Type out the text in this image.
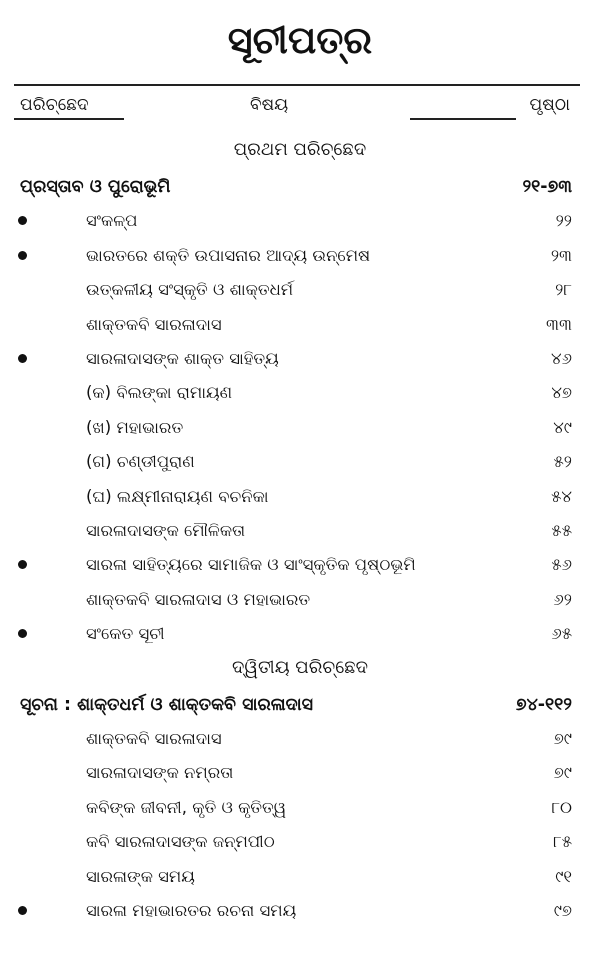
ସୂଚୀପତ୍ର
ପରିଚ୍ଛେଦ	ବିଷୟ	ପୃଷ୍ଠା
ପ୍ରଥମ ପରିଚ୍ଛେଦ
ପ୍ରସ୍ତାବ ଓ ପୁରୋଭୂମି	୨୧-୭୩
ସଂକଳ୍ପ	୨୨
ଭାରତରେ ଶକ୍ତି ଉପାସନାର ଆଦ୍ୟ ଉନ୍ମେଷ	୨୩
ଉତ୍କଳୀୟ ସଂସ୍କୃତି ଓ ଶାକ୍ତଧର୍ମ	୨୮
ଶାକ୍ତକବି ସାରଳାଦାସ	୩୩
ସାରଳାଦାସଙ୍କ ଶାକ୍ତ ସାହିତ୍ୟ	୪୬
(କ) ବିଲଙ୍କା ରାମାୟଣ	୪୭
(ଖ) ମହାଭାରତ	୪୯
(ଗ) ଚଣ୍ଡୀପୁରାଣ	୫୨
(ଘ) ଲକ୍ଷ୍ମୀନାରାୟଣ ବଚନିକା	୫୪
ସାରଳାଦାସଙ୍କ ମୌଳିକତା	୫୫
ସାରଳା ସାହିତ୍ୟରେ ସାମାଜିକ ଓ ସାଂସ୍କୃତିକ ପୃଷ୍ଠଭୂମି	୫୬
ଶାକ୍ତକବି ସାରଳାଦାସ ଓ ମହାଭାରତ	୬୨
ସଂକେତ ସୂଚୀ	୬୫
ଦ୍ୱିତୀୟ ପରିଚ୍ଛେଦ
ସୂଚନା : ଶାକ୍ତଧର୍ମ ଓ ଶାକ୍ତକବି ସାରଳାଦାସ	୭୪-୧୧୨
ଶାକ୍ତକବି ସାରଳାଦାସ	୭୯
ସାରଳାଦାସଙ୍କ ନମ୍ରତା	୭୯
କବିଙ୍କ ଜୀବନୀ, କୃତି ଓ କୃତିତ୍ୱ	୮୦
କବି ସାରଳାଦାସଙ୍କ ଜନ୍ମପୀଠ	୮୫
ସାରଳାଙ୍କ ସମୟ	୯୧
ସାରଳା ମହାଭାରତର ରଚନା ସମୟ	୯୭
